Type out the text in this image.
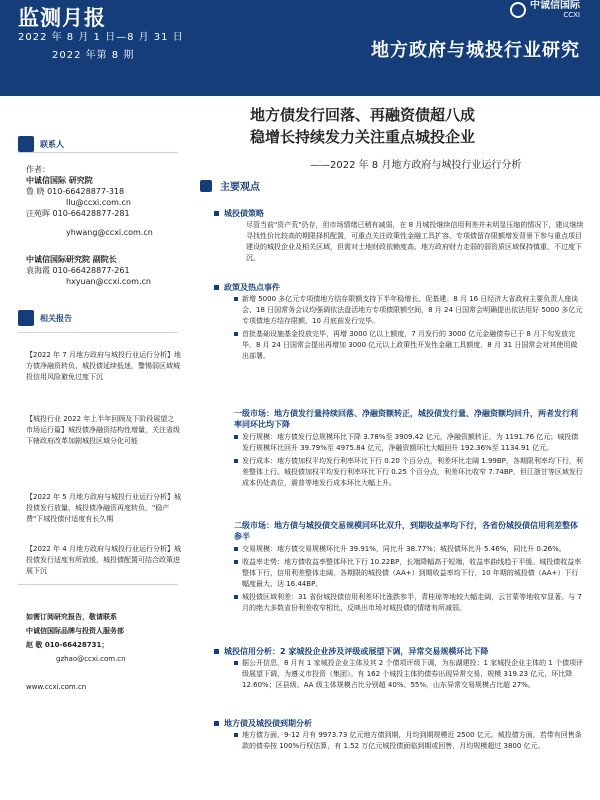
监测月报
2022 年 8 月 1 日—8 月 31 日
2022 年第 8 期
中诚信国际
CCXI
地方政府与城投行业研究
地方债发行回落、再融资债超八成
稳增长持续发力关注重点城投企业
——2022 年 8 月地方政府与城投行业运行分析
联系人
作者：
中诚信国际 研究院
鲁 晓 010-66428877-318
llu@ccxi.com.cn
汪苑晖 010-66428877-281
yhwang@ccxi.com.cn
中诚信国际研究院 副院长
袁海霞 010-66428877-261
hxyuan@ccxi.com.cn
相关报告
【2022 年 7 月地方政府与城投行业运行分析】地方债净融资转负、城投债延续低迷，警惕弱区域城投信用风险避免过度下沉
【城投行业 2022 年上半年回顾及下阶段展望之市场运行篇】城投债净融资结构性增量，关注省级下辖政府改革加剧城投区域分化可能
【2022 年 5 月地方政府与城投行业运行分析】城投债发行放量、城投债净融资再度转负，"稳产费"下城投债付适度有长久期
【2022 年 4 月地方政府与城投行业运行分析】城投债发行适度有所放缓，城投债配置可结合政策进展下沉
如需订阅研究报告，敬请联系
中诚信国际品牌与投资人服务部
赵 敬 010-66428731；
gzhao@ccxi.com.cn
www.ccxi.com.cn
主要观点
城投债策略
尽管当前"资产荒"仍存，但市场情绪已稍有减弱，在 8 月城投继续信用利差并未明显压缩的情况下，建议继续寻找性价比较高的期限择机配置，可重点关注政策性金融工具扩容、专项债留存限额增发背景下参与重点项目建设的城投企业及相关区域，但需对土地财政依赖度高、地方政府财力走弱的弱资质区域保持慎重，不过度下沉。
政策及热点事件
新增 5000 多亿元专项债地方结存限额支持下半年稳增长、促基建。8 月 16 日经济大省政府主要负责人座谈会、18 日国常务会议均强调依法盘活地方专项债限额空间，8 月 24 日国常会明确提出依法用好 5000 多亿元专项债地方结存限额，10 月底前发行完毕。
首批基础设施基金投放完毕，再增 3000 亿以上额度，7 月发行的 3000 亿元金融债券已于 8 月下旬发放完毕，8 月 24 日国常会提出再增加 3000 亿元以上政策性开发性金融工具额度，8 月 31 日国常会对其使用做出部署。
一级市场：地方债发行量持续回落、净融资额转正，城投债发行量、净融资额均回升，两者发行利率同环比均下降
发行规模：地方债发行总规模环比下降 3.78%至 3909.42 亿元，净融资额转正，为 1191.76 亿元；城投债发行规模环比回升 39.79%至 4975.84 亿元，净融资额环比大幅回升 192.36%至 1134.91 亿元。
发行成本：地方债加权平均发行利率环比下行 0.20 个百分点，利差环比走阔 1.99BP，各期限利率均下行，利差整体上行。城投债加权平均发行利率环比下行 0.25 个百分点，利差环比收窄 7.74BP，但江浙甘等区域发行成本仍处高位，震普等地发行成本环比大幅上升。
二级市场：地方债与城投债交易规模同环比双升，到期收益率均下行，各省份城投债信用利差整体参半
交易规模：地方债交易规模环比升 39.91%，同比升 38.77%；城投债环比升 5.46%，同比升 0.26%。
收益率走势：地方债收益率整体环比下行 10.22BP，长端降幅高于短端，收益率曲线趋于平缓。城投债收益率整体下行，信用利差整体走阔，各期限的城投债（AA+）到期收益率均下行，10 年期的城投债（AA+）下行幅度最大、达 16.44BP。
城投债区域利差：31 省份城投债信用利差环比涨跌参半，青桂琼等地较大幅走阔，云甘蒙等地收窄显著。与 7 月的绝大多数省份利差收窄相比，反映出市场对城投债的情绪有所减弱。
城投信用分析：2 家城投企业涉及评级或展望下调，异常交易规模环比下降
据公开信息，8 月有 1 家城投企业主体及其 2 个债项评级下调，为东湖建投；1 家城投企业主体的 1 个债项评级展望下调，为遵义市投资（集团）。有 162 个城投主体的债券出现异常交易，规模 319.23 亿元，环比降 12.60%；区县级、AA 级主体规模占比分别超 40%、55%，山东异常交易规模占比超 27%。
地方债及城投债到期分析
地方债方面，9-12 月有 9973.73 亿元地方债到期，月均到期规模近 2500 亿元。城投债方面，若带有回售条款的债券按 100%行权估算，有 1.52 万亿元城投债面临到期或回售，月均规模超过 3800 亿元。
